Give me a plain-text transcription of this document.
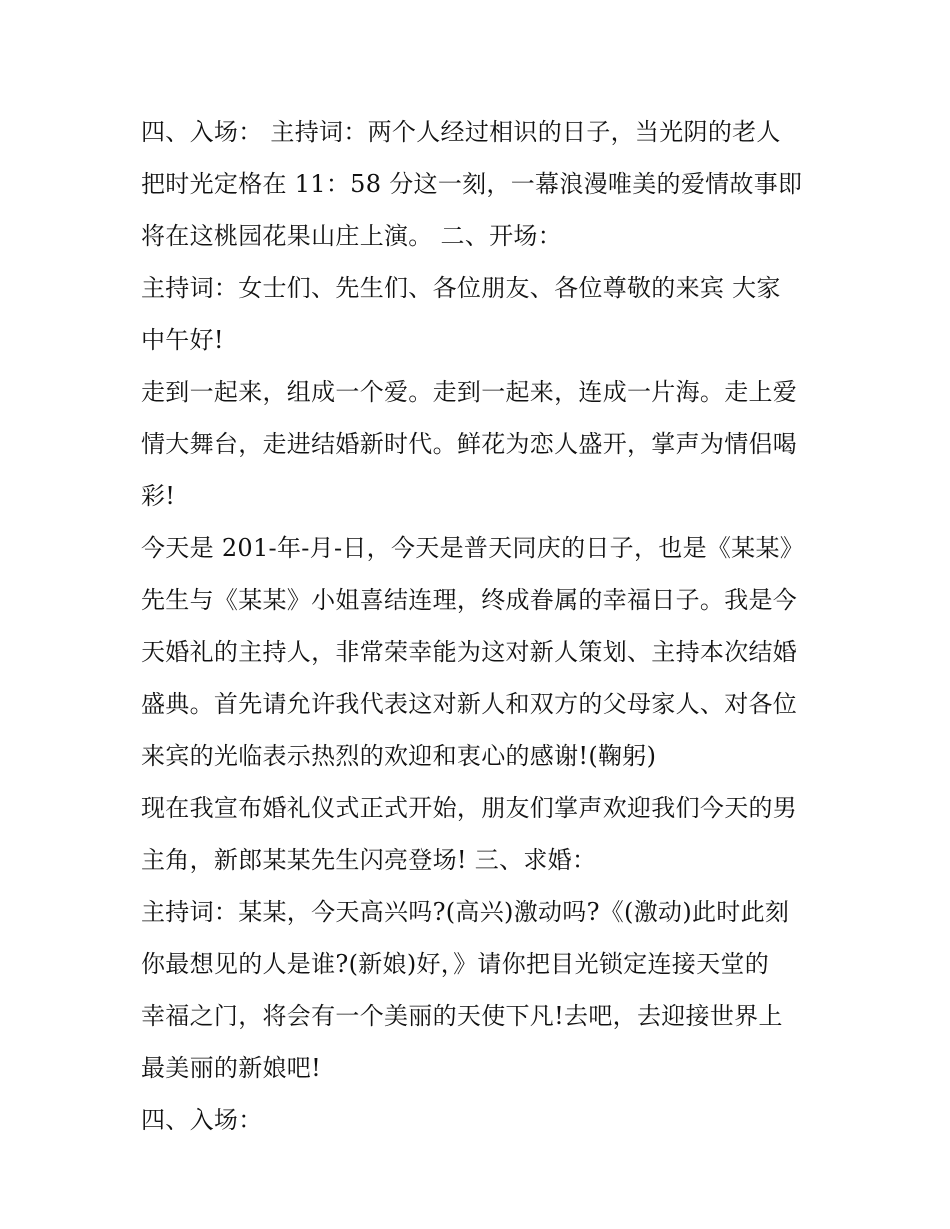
四、入场： 主持词：两个人经过相识的日子，当光阴的老人
把时光定格在 11：58 分这一刻，一幕浪漫唯美的爱情故事即
将在这桃园花果山庄上演。 二、开场：
主持词：女士们、先生们、各位朋友、各位尊敬的来宾 大家
中午好!
走到一起来，组成一个爱。走到一起来，连成一片海。走上爱
情大舞台，走进结婚新时代。鲜花为恋人盛开，掌声为情侣喝
彩!
今天是 201-年-月-日，今天是普天同庆的日子，也是《某某》
先生与《某某》小姐喜结连理，终成眷属的幸福日子。我是今
天婚礼的主持人，非常荣幸能为这对新人策划、主持本次结婚
盛典。首先请允许我代表这对新人和双方的父母家人、对各位
来宾的光临表示热烈的欢迎和衷心的感谢!(鞠躬)
现在我宣布婚礼仪式正式开始，朋友们掌声欢迎我们今天的男
主角，新郎某某先生闪亮登场! 三、求婚：
主持词：某某，今天高兴吗?(高兴)激动吗?《(激动)此时此刻
你最想见的人是谁?(新娘)好，》请你把目光锁定连接天堂的
幸福之门，将会有一个美丽的天使下凡!去吧，去迎接世界上
最美丽的新娘吧!
四、入场：
